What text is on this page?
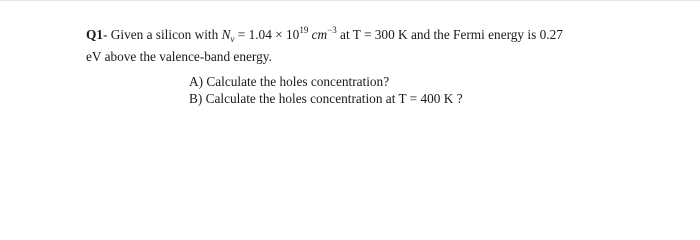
Q1- Given a silicon with $N_v = 1.04 \times 10^{19}$ $cm^{-3}$ at T = 300 K and the Fermi energy is 0.27
eV above the valence-band energy.
A) Calculate the holes concentration?
B) Calculate the holes concentration at T = 400 K ?
